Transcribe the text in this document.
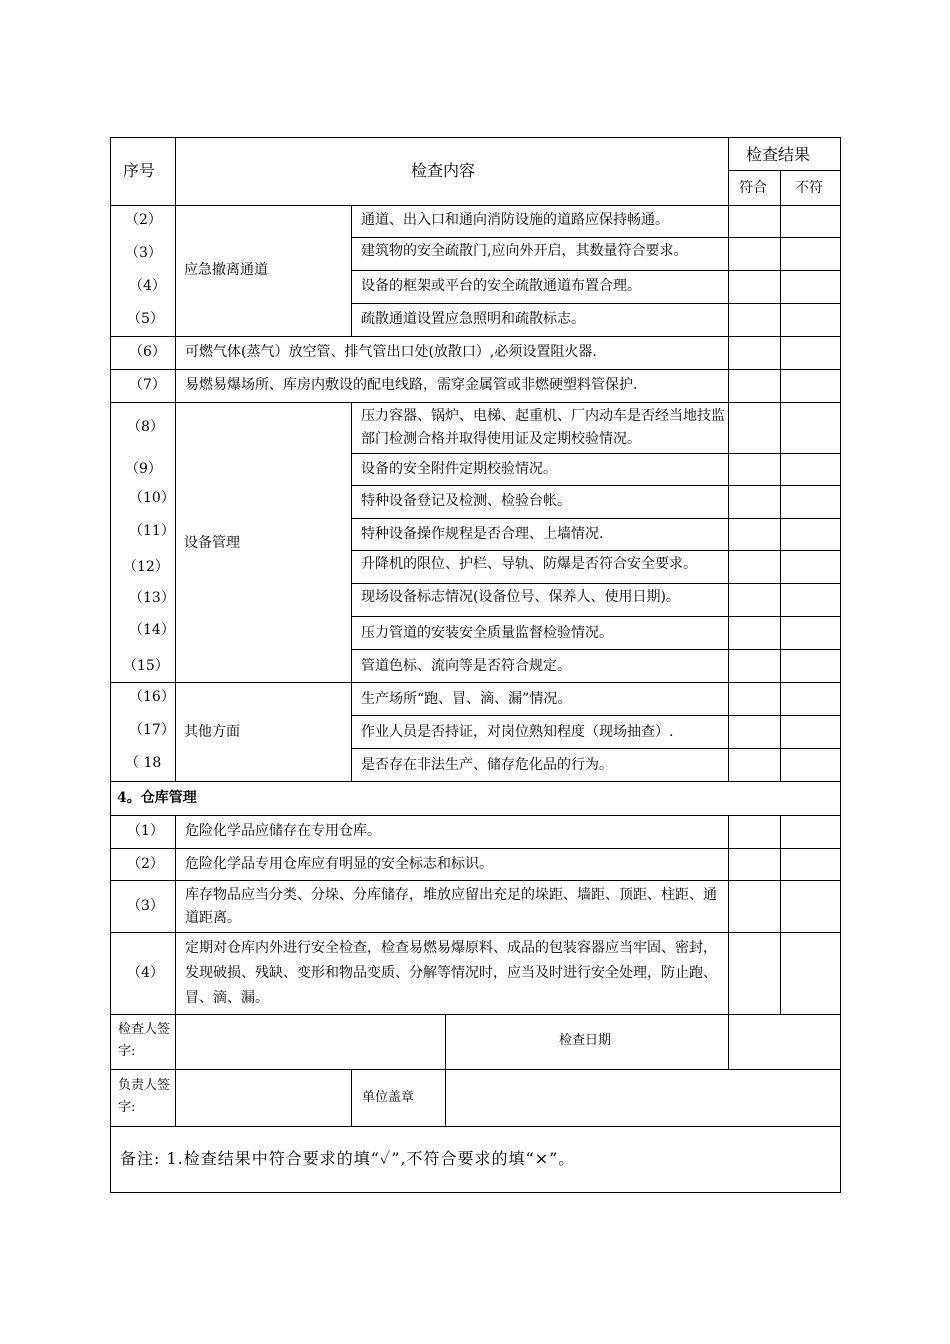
序号	检查内容
检查结果
符合 不符
应急撤离通道
设备管理
其他方面
（2）
（3）
（4）
（5）
（6）
（7）
（8）
（9）
（10）
（11）
（12）
（13）
（14）
（15）
（16）
（17）
（ 18
通道、出入口和通向消防设施的道路应保持畅通。
建筑物的安全疏散门,应向外开启，其数量符合要求。
设备的框架或平台的安全疏散通道布置合理。
疏散通道设置应急照明和疏散标志。
可燃气体(蒸气）放空管、排气管出口处(放散口）,必须设置阻火器.
易燃易爆场所、库房内敷设的配电线路，需穿金属管或非燃硬塑料管保护.
压力容器、锅炉、电梯、起重机、厂内动车是否经当地技监部门检测合格并取得使用证及定期校验情况。
设备的安全附件定期校验情况。
特种设备登记及检测、检验台帐。
特种设备操作规程是否合理、上墙情况.
升降机的限位、护栏、导轨、防爆是否符合安全要求。
现场设备标志情况(设备位号、保养人、使用日期)。
压力管道的安装安全质量监督检验情况。
管道色标、流向等是否符合规定。
生产场所“跑、冒、滴、漏”情况。
作业人员是否持证，对岗位熟知程度（现场抽查）.
是否存在非法生产、储存危化品的行为。
4。仓库管理
（1） 危险化学品应储存在专用仓库。
（2） 危险化学品专用仓库应有明显的安全标志和标识。
（3）
库存物品应当分类、分垛、分库储存，堆放应留出充足的垛距、墙距、顶距、柱距、通道距离。
（4）
定期对仓库内外进行安全检查，检查易燃易爆原料、成品的包装容器应当牢固、密封，发现破损、残缺、变形和物品变质、分解等情况时，应当及时进行安全处理，防止跑、冒、滴、漏。
检查人签字:
检查日期
负责人签字:
单位盖章
备注: 1.检查结果中符合要求的填“✓”,不符合要求的填“×”。
